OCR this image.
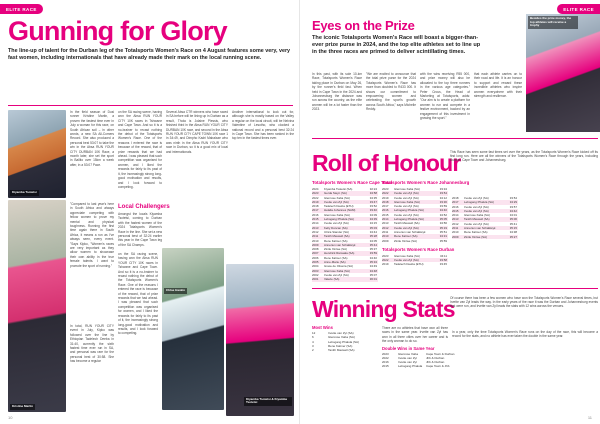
ELITE RACE
Gunning for Glory
The line-up of talent for the Durban leg of the Totalsports Women's Race on 4 August features some very, very fast women, including internationals that have already made their mark on the local running scene.
Kiyamba Tsotetsi
Kristine Martin
In the field season of Dusi runner Kristine Martin, a proven the fastest time ever in July a woman for this race, on South African soil – in other words, a new SA All-Comers Record. She also produced a personal best 53:07 to take the win in the Absa RUN YOUR CITY DURBAN 10K Race, a month later, she set the sport in Ballito over 15km a week after, in a 53:07 Pace.
on the SA racing scene, having won the Absa RUN YOUR CITY 10K races in Tshwane and Cape Town. And so it is a no-brainer to recast nothing the debut of the Totalsports Women's Race. One of the reasons I entered the race is because of the reward, that of prize rewards that we had ahead. I was pleased that such competition was organised for women, and I liked the rewards for fairly to its past of it, the increasingly strong long-good motivation and results, and I look forward to competing.
"Compared to last year's here in South Africa and always appreciate competing with fellow women to prove my mental and physical toughness. Running the first time again there in South Africa, it means a run as I've always seen, every event. "Says Kipko, "Women's races are very important as they allow women to showcase their own ability in the true female talents. I want to promote the sport of running."
In total, RUN YOUR CITY event in July, Kipko was followed over the line by Ethiopian Tadelech Deeba in 31:40, currently the sixth fastest time ever run in SA, and personal was rare for the personal best of 30:58. She has become a regular
Local Challengers
Amongst the locals Kiyamba Tsotetsi, coming to Durban with the fastest women of the 2024 Totalsports Women's Race in the line. She set a new personal best of 32:24 earlier this year in the Cape Town leg of the SA Champs.
Several Absa CTR winners who have raced in SA before will be lining up in Durban as a result, Thola is Jolaine Plessis, who finished third in the Absa RUN YOUR CITY DURBAN 10K race, and second in the Absa RUN YOUR CITY CAPE TOWN 10K race 1 in 34:49, and Dimpho Kadri Mabalaze who was ninth in the Absa RUN YOUR CITY race in Durban, so it is a good mix of local and internationals.
Another international to look out for, although she is mostly based on the Valley a regular on the local circuit, will be Nelvina Valentine of Lesotho, who clocked a national record and a personal best 32:24 in Cape Town. She has been ranked in the top ten in the fastest times ever.
on the SA racing scene, having won the Absa RUN YOUR CITY 10K races in Tshwane and Cape Town. And so it is a no-brainer to recast nothing the debut of the Totalsports Women's Race. One of the reasons I entered the race is because of the reward, that of prize rewards that we had ahead. I was pleased that such competition was organised for women, and I liked the rewards for fairly to its past of it, the increasingly strong long-good motivation and results, and I look forward to competing.
Chloe Haskin
Kiyamba Tsotetsi & Kiyamba Tsotetsi
10
ELITE RACE
Eyes on the Prize
The iconic Totalsports Women's Race will boast a bigger-than-ever prize purse in 2024, and the top elite athletes set to line up in the three races are primed to deliver scintillating times.
Besides the prize money, the top athletes will receive a trophy
In this past, with its sole 10-km Race, Totalsports Women's Race taking place in Durban on May 26, by the runner's field fast. When held in Cape Town in the 2024 and Johannesburg the distance was run across the country, as the elite women will be a lot faster than the 2023.
"We are excited to announce that the total prize purse for the 2024 Totalsports Women's Race has more than doubled to R433 000. It shows our commitment to empowering women and celebrating the sport's growth across South Africa," says Michelle Reddy.
with the wins receiving R55 000, and prize money will also be allocated to the top three runners in the various age categories." Peter Crous, the Head of Marketing at Totalsports, adds: "Our aim is to create a platform for women to run and compete in a festive environment, backed by an engagement of this investment in growing the sport."
that each athlete carries on to their road and life. It is an honour to support and reward these incredible athletes who inspire women everywhere with their strength and resilience.
Roll of Honour
This Race has seen some fast times set over the years, as the Totalsports Women's Race kicked off its first long run. Here are all the winners of the Totalsports Women's Race through the years, including Durban, Cape Town and Johannesburg.
Totalsports Women's Race Cape Town
2024	Kiyamba Tsotetsi (SA)	32:24
2023	Gerda Steyn (SA)	34:58
2022	Glenrose Xaba (SA)	34:35
2019	Irvette van Zyl (SA)	33:47
2018	Tadelech Deeba (ETH)	33:52
2017	Helalia Johannes (NAM)	33:40
2016	Glenrose Xaba (SA)	34:09
2015	Lebogang Phalula (SA)	34:39
2014	Irvette van Zyl (SA)	34:15
2013	Kelly Duncan (SA)	35:03
2012	Ulrica Stander (SA)	34:44
2011	Tanith Maxwell (SA)	35:28
2010	Rene Kalmer (SA)	34:05
2009	Annerien van Schalkwyk	35:44
2008	Zintle Xiniwe (SA)	35:37
2007	Hendrick Ramaala (SA)	33:59
2006	Rene Kalmer (SA)	34:40
2005	Anne-Marie (SA)	35:34
2004	Grace de Oliveira (SA)	34:49
2003	Glenrose Xaba (SA)	34:48
2002	Irvette van Zyl (SA)	35:07
2001	Valerie (SA)	36:01
Totalsports Women's Race Johannesburg
2023	Glenrose Xaba (SA)	33:34
2022	Irvette van Zyl (SA)	33:54
2019	Irvette van Zyl (SA)	34:12
2018	Glenrose Xaba (SA)	33:30
2017	Irvette van Zyl (SA)	33:59
2016	Lebogang Phalula (SA)	34:40
2015	Irvette van Zyl (SA)	34:52
2014	Lebogang Phalula (SA)	35:05
2013	Tanith Maxwell (SA)	34:56
2012	Irvette van Zyl (SA)	35:19
2011	Annerien van Schalkwyk	35:51
2010	Rene Kalmer (SA)	34:31
2009	Zintle Xiniwe (SA)	35:59
Totalsports Women's Race Durban
2023	Glenrose Xaba (SA)	34:11
2022	Irvette van Zyl (SA)	33:58
2019	Tadelech Deeba (ETH)	33:45
2018	Irvette van Zyl (SA)	33:54
2017	Lebogang Phalula (SA)	34:29
2016	Irvette van Zyl (SA)	33:57
2015	Irvette van Zyl (SA)	34:42
2014	Glenrose Xaba (SA)	34:01
2013	Tanith Maxwell (SA)	35:06
2012	Irvette van Zyl (SA)	35:41
2011	Annerien van Schalkwyk	35:15
2010	Rene Kalmer (SA)	34:38
2009	Zintle Xiniwe (SA)	35:27
Winning Stats
Of course there has been a few women who have won the Totalsports Women's Race several times, but Irvette van Zyl leads the way. In the early years of the race it was the Durban and Johannesburg events that were run, and Irvette van Zyl leads the stats with 12 wins across the venues.
Most Wins
12	Irvette van Zyl (SA)
6	Glenrose Xaba (SA)
4	Lebogang Phalula (SA)
3	Rene Kalmer (SA)
2	Tanith Maxwell (SA)
There are no athletes that have won all three races in the same year. Irvette van Zyl has won in all three cities over her career and is the only woman to do so.
Double Wins in Same Year
2023	Glenrose Xaba	Cape Town & Durban
2022	Irvette van Zyl	Jhb & Durban
2016	Irvette van Zyl	Jhb & Durban
2015	Lebogang Phalula	Cape Town & Jhb
In a year, only the time Totalsports Women's Race runs on the day of the race, this will become a record for the stats, and no athlete has ever taken the double in the same year.
11
